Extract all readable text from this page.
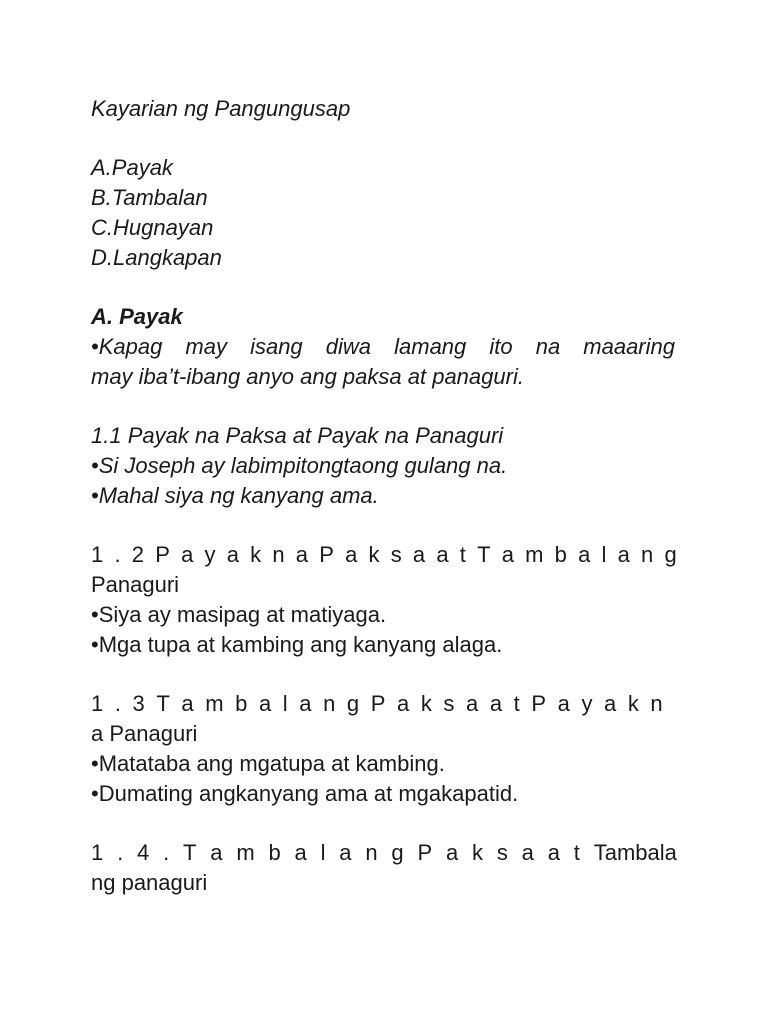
Kayarian ng Pangungusap
A.Payak
B.Tambalan
C.Hugnayan
D.Langkapan
A. Payak
•Kapag may isang diwa lamang ito na maaaring
may iba’t-ibang anyo ang paksa at panaguri.
1.1 Payak na Paksa at Payak na Panaguri
•Si Joseph ay labimpitongtaong gulang na.
•Mahal siya ng kanyang ama.
1 . 2 P a y a k n a P a k s a a t T a m b a l a n g
Panaguri
•Siya ay masipag at matiyaga.
•Mga tupa at kambing ang kanyang alaga.
1 . 3 T a m b a l a n g P a k s a a t P a y a k n
a Panaguri
•Matataba ang mgatupa at kambing.
•Dumating angkanyang ama at mgakapatid.
1 . 4 . T a m b a l a n g P a k s a a t Tambala
ng panaguri
